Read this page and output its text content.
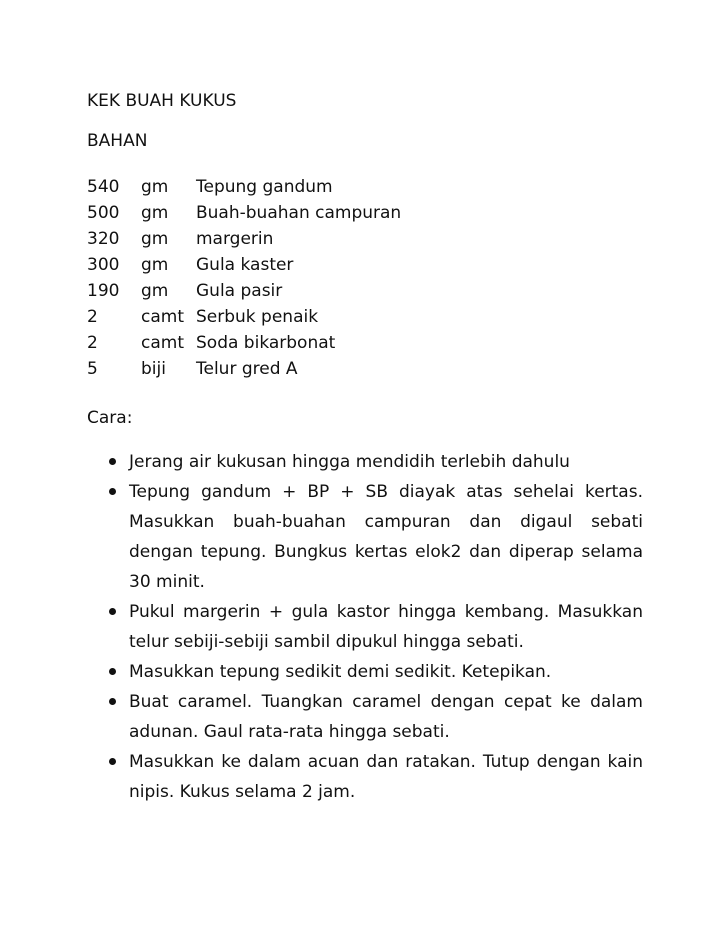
KEK BUAH KUKUS
BAHAN
540	gm	Tepung gandum
500	gm	Buah-buahan campuran
320	gm	margerin
300	gm	Gula kaster
190	gm	Gula pasir
2	camt	Serbuk penaik
2	camt	Soda bikarbonat
5	biji	Telur gred A
Cara:
Jerang air kukusan hingga mendidih terlebih dahulu
Tepung gandum + BP + SB diayak atas sehelai kertas. Masukkan buah-buahan campuran dan digaul sebati dengan tepung. Bungkus kertas elok2 dan diperap selama 30 minit.
Pukul margerin + gula kastor hingga kembang. Masukkan telur sebiji-sebiji sambil dipukul hingga sebati.
Masukkan tepung sedikit demi sedikit. Ketepikan.
Buat caramel. Tuangkan caramel dengan cepat ke dalam adunan. Gaul rata-rata hingga sebati.
Masukkan ke dalam acuan dan ratakan. Tutup dengan kain nipis. Kukus selama 2 jam.
